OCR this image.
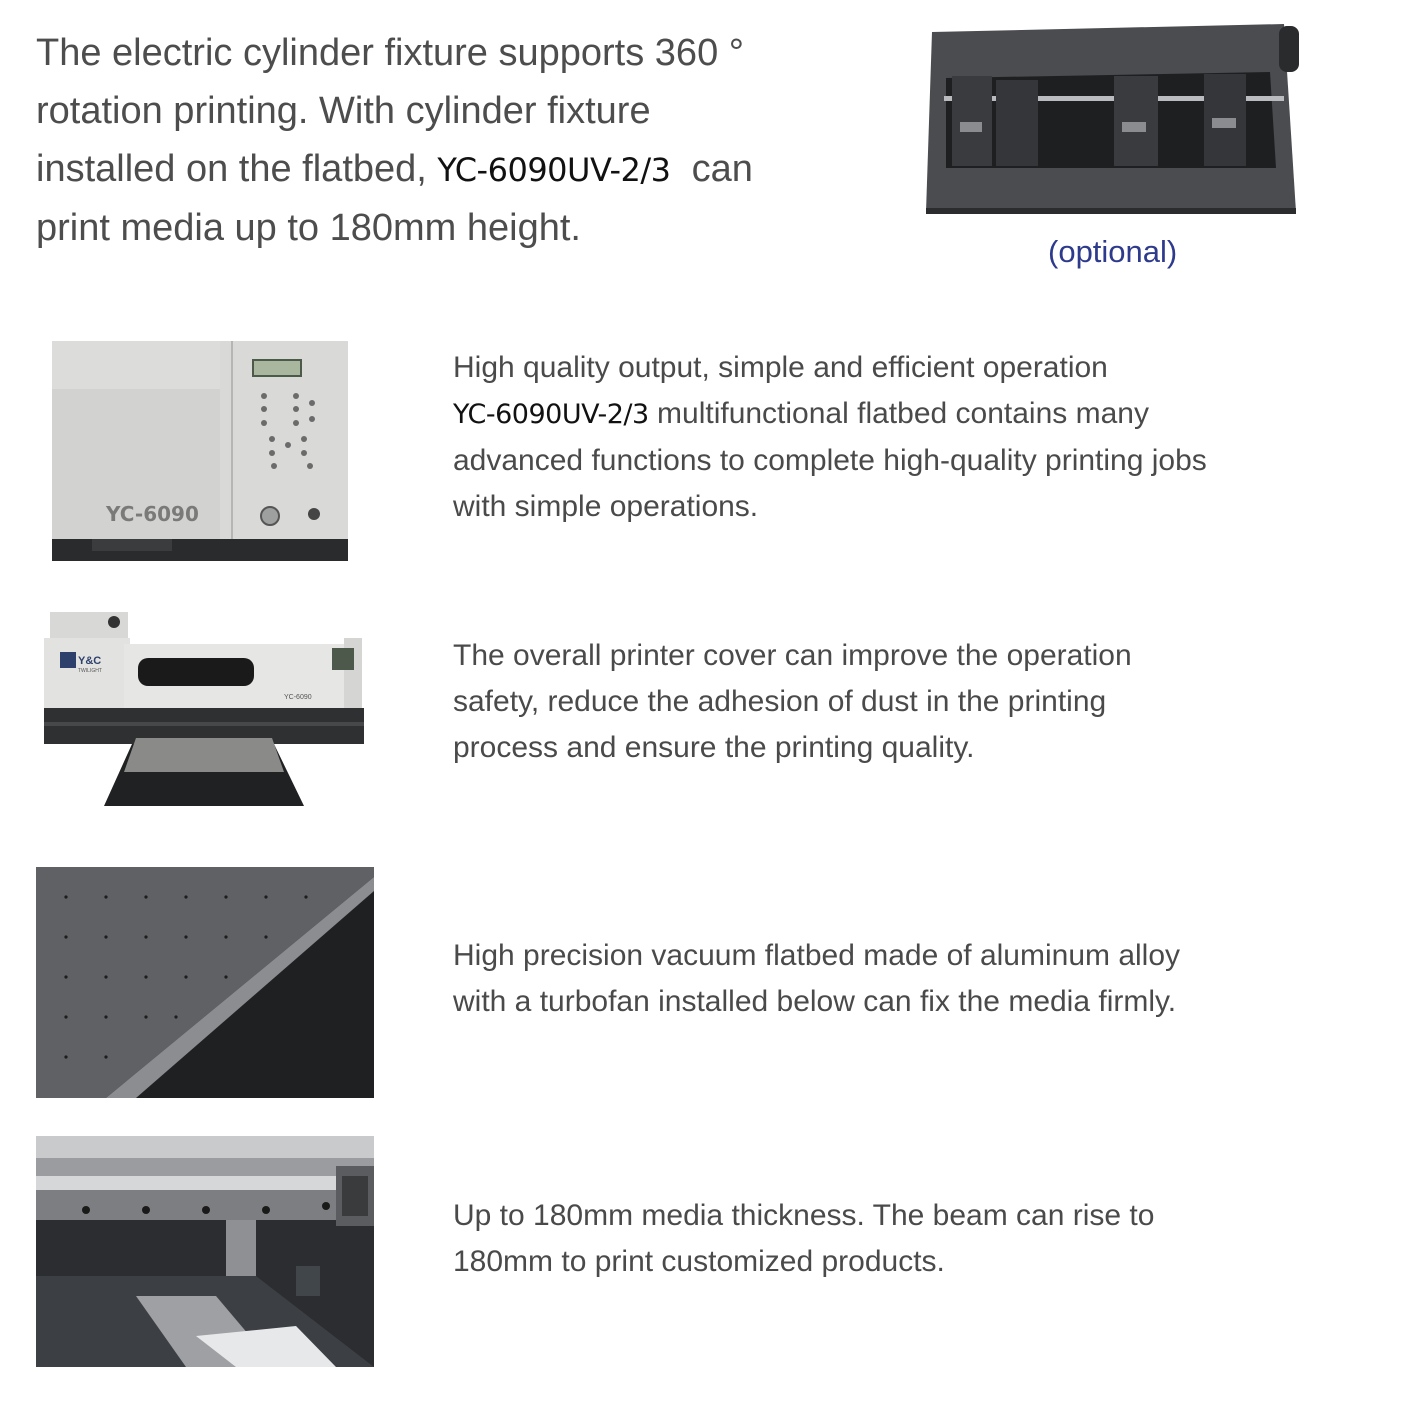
The electric cylinder fixture supports 360 °
rotation printing. With cylinder fixture
installed on the flatbed, YC-6090UV-2/3  can
print media up to 180mm height.
(optional)
YC-6090
High quality output, simple and efficient operation
YC-6090UV-2/3 multifunctional flatbed contains many
advanced functions to complete high-quality printing jobs
with simple operations.
Y&C
TWILIGHT
YC-6090
The overall printer cover can improve the operation
safety, reduce the adhesion of dust in the printing
process and ensure the printing quality.
High precision vacuum flatbed made of aluminum alloy
with a turbofan installed below can fix the media firmly.
Up to 180mm media thickness. The beam can rise to
180mm to print customized products.
